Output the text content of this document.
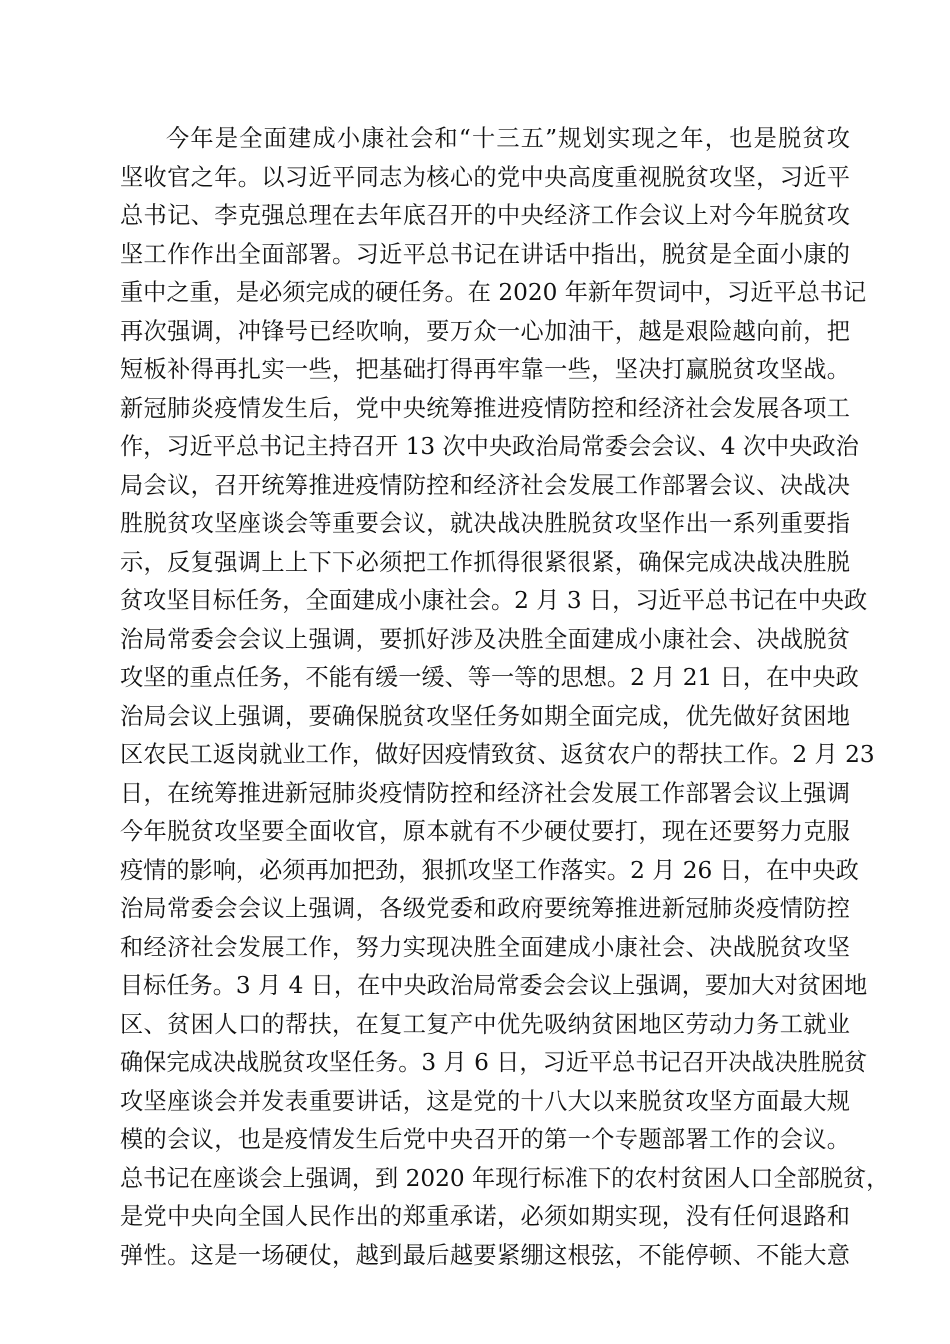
今年是全面建成小康社会和“十三五”规划实现之年，也是脱贫攻
坚收官之年。以习近平同志为核心的党中央高度重视脱贫攻坚，习近平
总书记、李克强总理在去年底召开的中央经济工作会议上对今年脱贫攻
坚工作作出全面部署。习近平总书记在讲话中指出，脱贫是全面小康的
重中之重，是必须完成的硬任务。在 2020 年新年贺词中，习近平总书记
再次强调，冲锋号已经吹响，要万众一心加油干，越是艰险越向前，把
短板补得再扎实一些，把基础打得再牢靠一些，坚决打赢脱贫攻坚战。
新冠肺炎疫情发生后，党中央统筹推进疫情防控和经济社会发展各项工
作，习近平总书记主持召开 13 次中央政治局常委会会议、4 次中央政治
局会议，召开统筹推进疫情防控和经济社会发展工作部署会议、决战决
胜脱贫攻坚座谈会等重要会议，就决战决胜脱贫攻坚作出一系列重要指
示，反复强调上上下下必须把工作抓得很紧很紧，确保完成决战决胜脱
贫攻坚目标任务，全面建成小康社会。2 月 3 日，习近平总书记在中央政
治局常委会会议上强调，要抓好涉及决胜全面建成小康社会、决战脱贫
攻坚的重点任务，不能有缓一缓、等一等的思想。2 月 21 日，在中央政
治局会议上强调，要确保脱贫攻坚任务如期全面完成，优先做好贫困地
区农民工返岗就业工作，做好因疫情致贫、返贫农户的帮扶工作。2 月 23
日，在统筹推进新冠肺炎疫情防控和经济社会发展工作部署会议上强调
今年脱贫攻坚要全面收官，原本就有不少硬仗要打，现在还要努力克服
疫情的影响，必须再加把劲，狠抓攻坚工作落实。2 月 26 日，在中央政
治局常委会会议上强调，各级党委和政府要统筹推进新冠肺炎疫情防控
和经济社会发展工作，努力实现决胜全面建成小康社会、决战脱贫攻坚
目标任务。3 月 4 日，在中央政治局常委会会议上强调，要加大对贫困地
区、贫困人口的帮扶，在复工复产中优先吸纳贫困地区劳动力务工就业
确保完成决战脱贫攻坚任务。3 月 6 日，习近平总书记召开决战决胜脱贫
攻坚座谈会并发表重要讲话，这是党的十八大以来脱贫攻坚方面最大规
模的会议，也是疫情发生后党中央召开的第一个专题部署工作的会议。
总书记在座谈会上强调，到 2020 年现行标准下的农村贫困人口全部脱贫，
是党中央向全国人民作出的郑重承诺，必须如期实现，没有任何退路和
弹性。这是一场硬仗，越到最后越要紧绷这根弦，不能停顿、不能大意
